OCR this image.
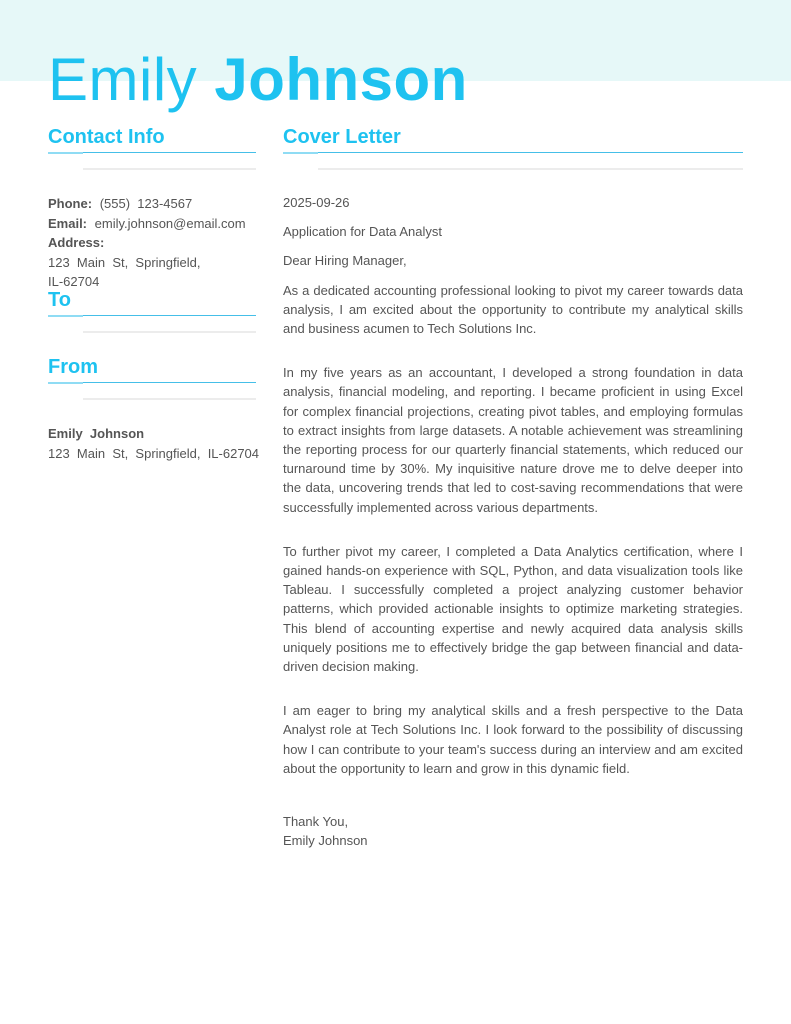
Emily Johnson
Contact Info

Phone: (555)  123-4567

Email: emily.johnson@email.com

Address: 123  Main  St,  Springfield,
IL-62704

To
From

Emily  Johnson

123  Main  St,  Springfield,  IL-62704

Cover Letter

2025-09-26

Application for Data Analyst

Dear Hiring Manager,

As a dedicated accounting professional looking to pivot my career towards data analysis, I am excited about the opportunity to contribute my analytical skills and business acumen to Tech Solutions Inc.

In my five years as an accountant, I developed a strong foundation in data analysis, financial modeling, and reporting. I became proficient in using Excel for complex financial projections, creating pivot tables, and employing formulas to extract insights from large datasets. A notable achievement was streamlining the reporting process for our quarterly financial statements, which reduced our turnaround time by 30%. My inquisitive nature drove me to delve deeper into the data, uncovering trends that led to cost-saving recommendations that were successfully implemented across various departments.

To further pivot my career, I completed a Data Analytics certification, where I gained hands-on experience with SQL, Python, and data visualization tools like Tableau. I successfully completed a project analyzing customer behavior patterns, which provided actionable insights to optimize marketing strategies. This blend of accounting expertise and newly acquired data analysis skills uniquely positions me to effectively bridge the gap between financial and data-driven decision making.

I am eager to bring my analytical skills and a fresh perspective to the Data Analyst role at Tech Solutions Inc. I look forward to the possibility of discussing how I can contribute to your team's success during an interview and am excited about the opportunity to learn and grow in this dynamic field.

Thank You,

Emily Johnson
